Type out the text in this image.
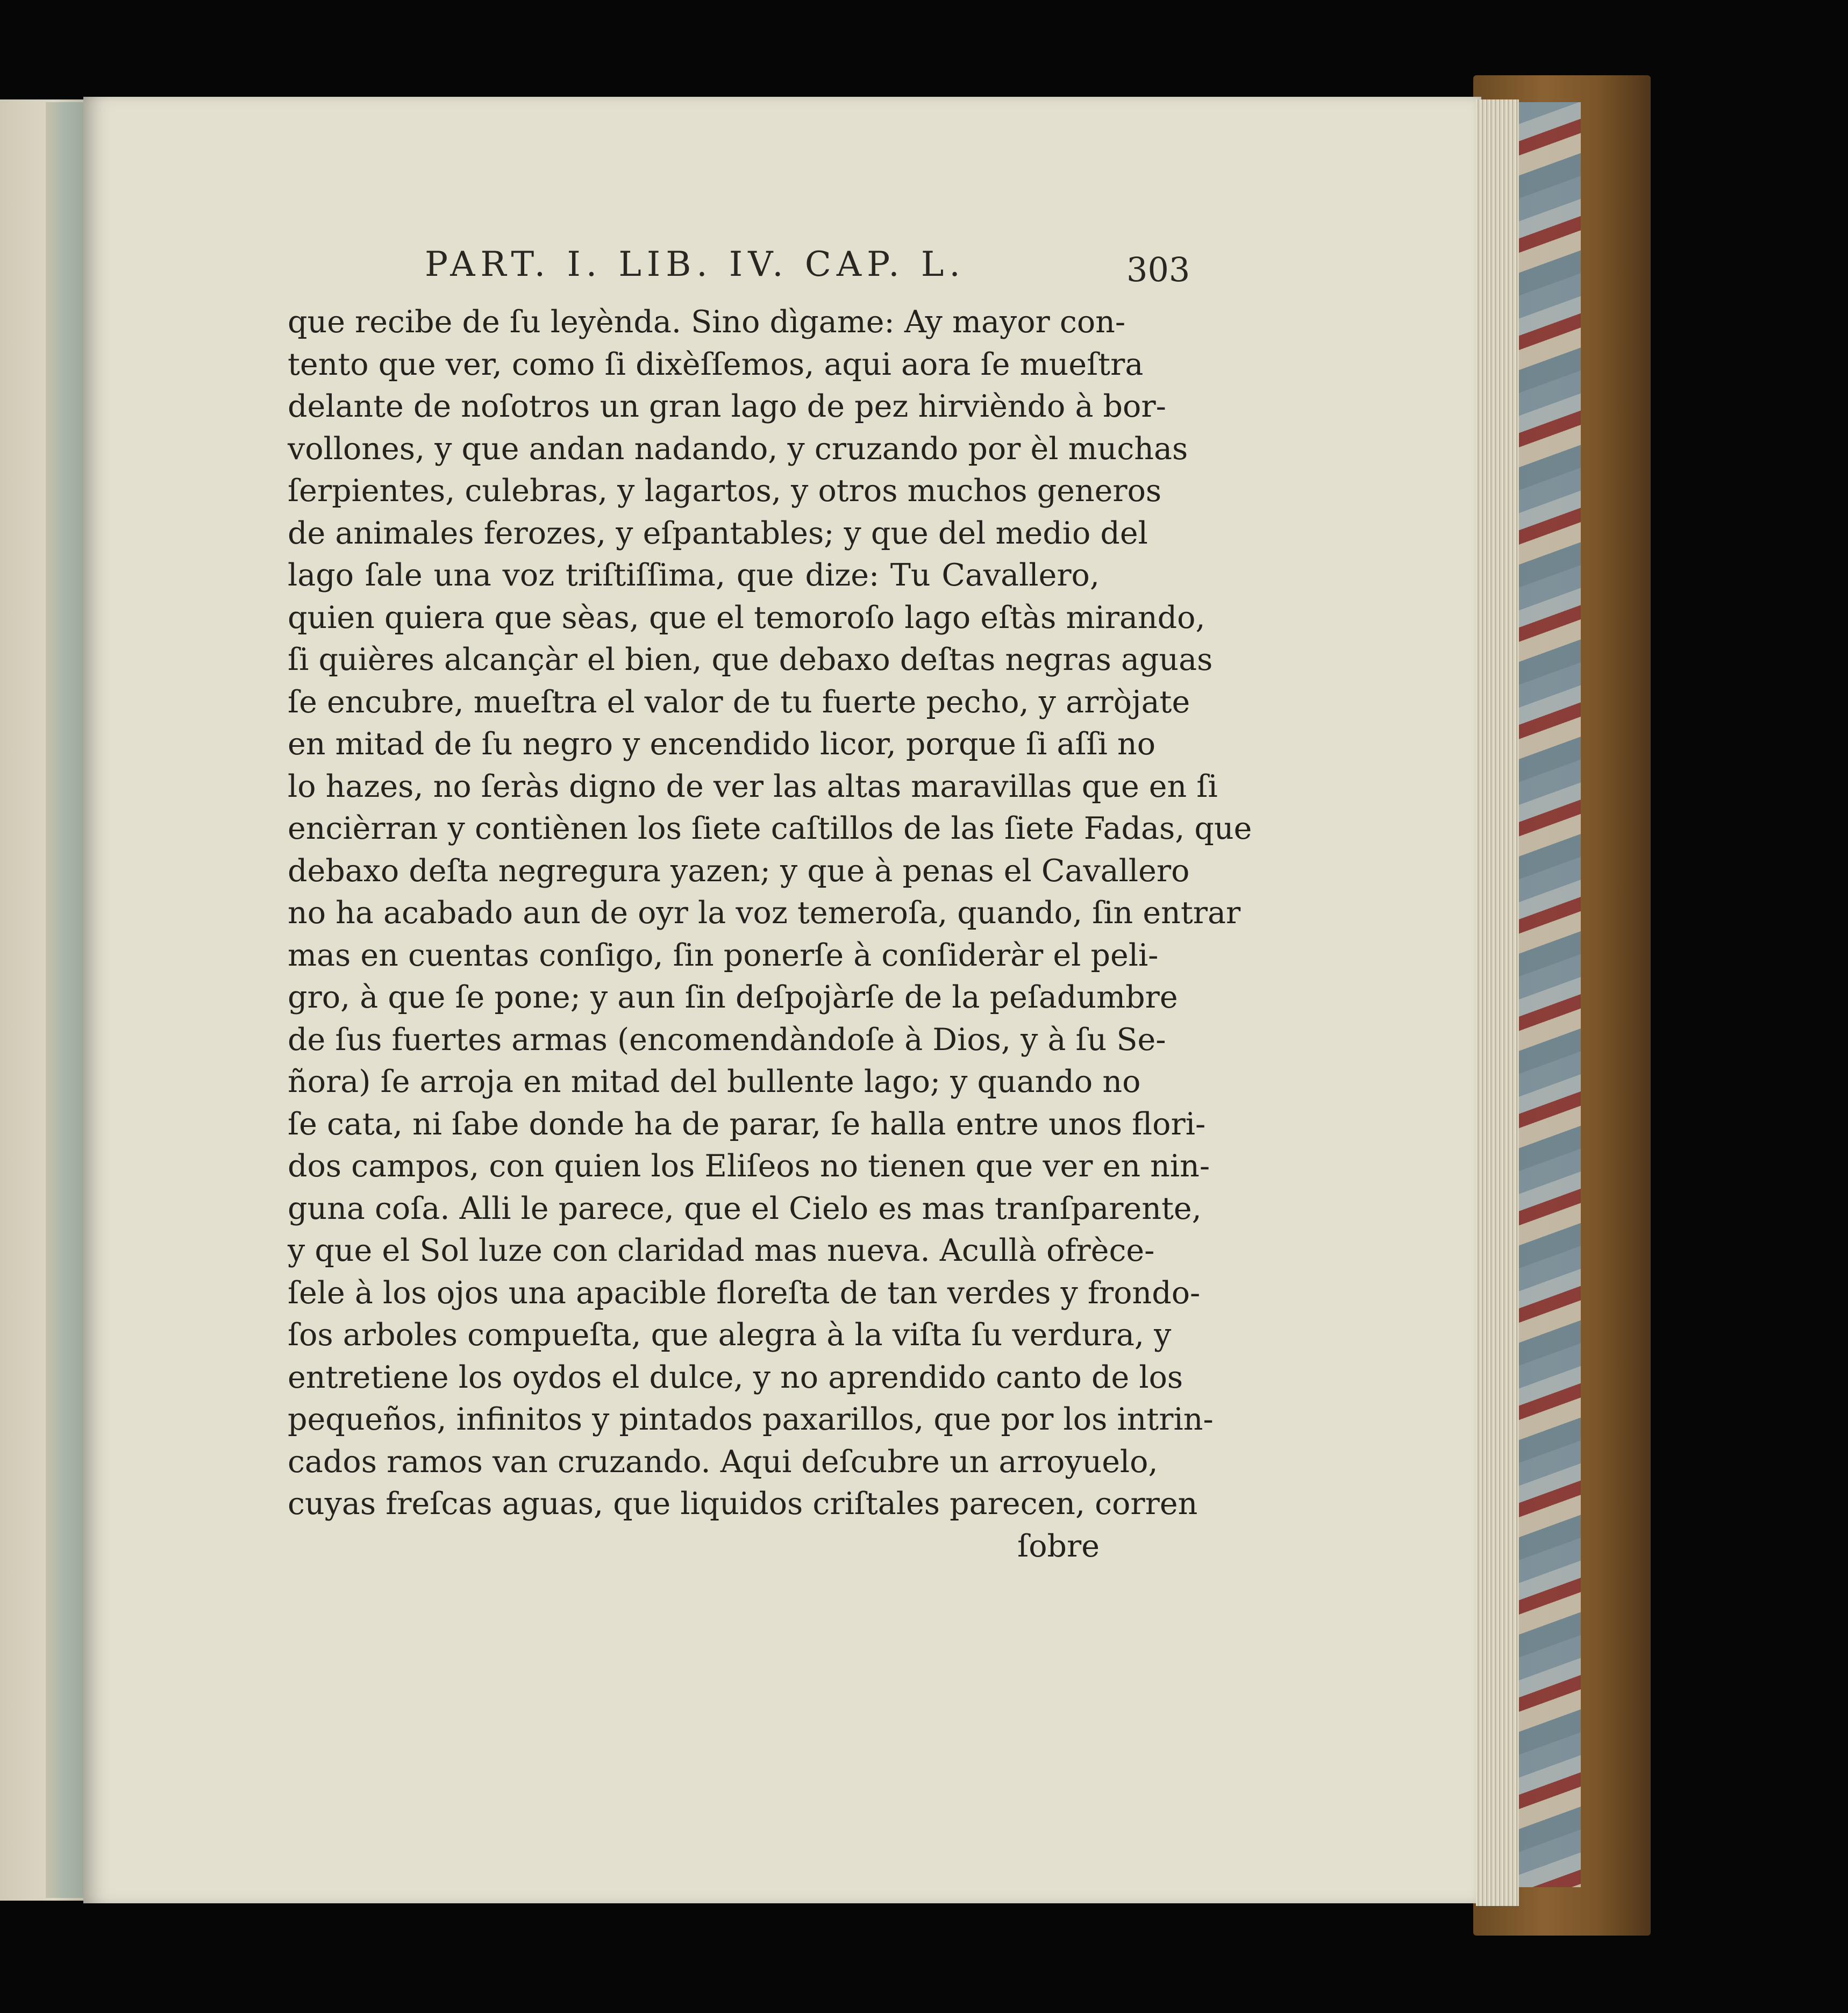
PART. I. LIB. IV. CAP. L.	303
que recibe de ſu leyènda. Sino dìgame: Ay mayor con-
tento que ver, como ſi dixèſſemos, aqui aora ſe mueſtra
delante de noſotros un gran lago de pez hirvièndo à bor-
vollones, y que andan nadando, y cruzando por èl muchas
ſerpientes, culebras, y lagartos, y otros muchos generos
de animales ferozes, y eſpantables; y que del medio del
lago ſale una voz triſtiſſima, que dize: Tu Cavallero,
quien quiera que sèas, que el temoroſo lago eſtàs mirando,
ſi quières alcançàr el bien, que debaxo deſtas negras aguas
ſe encubre, mueſtra el valor de tu fuerte pecho, y arròjate
en mitad de ſu negro y encendido licor, porque ſi aſſi no
lo hazes, no ſeràs digno de ver las altas maravillas que en ſi
encièrran y contiènen los ſiete caſtillos de las ſiete Fadas, que
debaxo deſta negregura yazen; y que à penas el Cavallero
no ha acabado aun de oyr la voz temeroſa, quando, ſin entrar
mas en cuentas conſigo, ſin ponerſe à conſideràr el peli-
gro, à que ſe pone; y aun ſin deſpojàrſe de la peſadumbre
de ſus fuertes armas (encomendàndoſe à Dios, y à ſu Se-
ñora) ſe arroja en mitad del bullente lago; y quando no
ſe cata, ni ſabe donde ha de parar, ſe halla entre unos flori-
dos campos, con quien los Eliſeos no tienen que ver en nin-
guna coſa. Alli le parece, que el Cielo es mas tranſparente,
y que el Sol luze con claridad mas nueva. Acullà ofrèce-
ſele à los ojos una apacible floreſta de tan verdes y frondo-
ſos arboles compueſta, que alegra à la viſta ſu verdura, y
entretiene los oydos el dulce, y no aprendido canto de los
pequeños, infinitos y pintados paxarillos, que por los intrin-
cados ramos van cruzando. Aqui deſcubre un arroyuelo,
cuyas freſcas aguas, que liquidos criſtales parecen, corren
ſobre
